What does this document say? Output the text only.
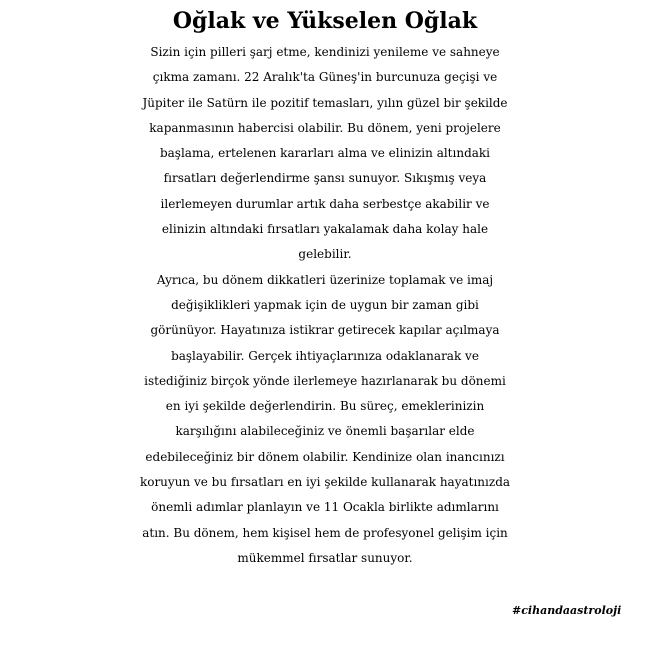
Oğlak ve Yükselen Oğlak
Sizin için pilleri şarj etme, kendinizi yenileme ve sahneye
çıkma zamanı. 22 Aralık'ta Güneş'in burcunuza geçişi ve
Jüpiter ile Satürn ile pozitif temasları, yılın güzel bir şekilde
kapanmasının habercisi olabilir. Bu dönem, yeni projelere
başlama, ertelenen kararları alma ve elinizin altındaki
fırsatları değerlendirme şansı sunuyor. Sıkışmış veya
ilerlemeyen durumlar artık daha serbestçe akabilir ve
elinizin altındaki fırsatları yakalamak daha kolay hale
gelebilir.
Ayrıca, bu dönem dikkatleri üzerinize toplamak ve imaj
değişiklikleri yapmak için de uygun bir zaman gibi
görünüyor. Hayatınıza istikrar getirecek kapılar açılmaya
başlayabilir. Gerçek ihtiyaçlarınıza odaklanarak ve
istediğiniz birçok yönde ilerlemeye hazırlanarak bu dönemi
en iyi şekilde değerlendirin. Bu süreç, emeklerinizin
karşılığını alabileceğiniz ve önemli başarılar elde
edebileceğiniz bir dönem olabilir. Kendinize olan inancınızı
koruyun ve bu fırsatları en iyi şekilde kullanarak hayatınızda
önemli adımlar planlayın ve 11 Ocakla birlikte adımlarını
atın. Bu dönem, hem kişisel hem de profesyonel gelişim için
mükemmel fırsatlar sunuyor.
#cihandaastroloji
